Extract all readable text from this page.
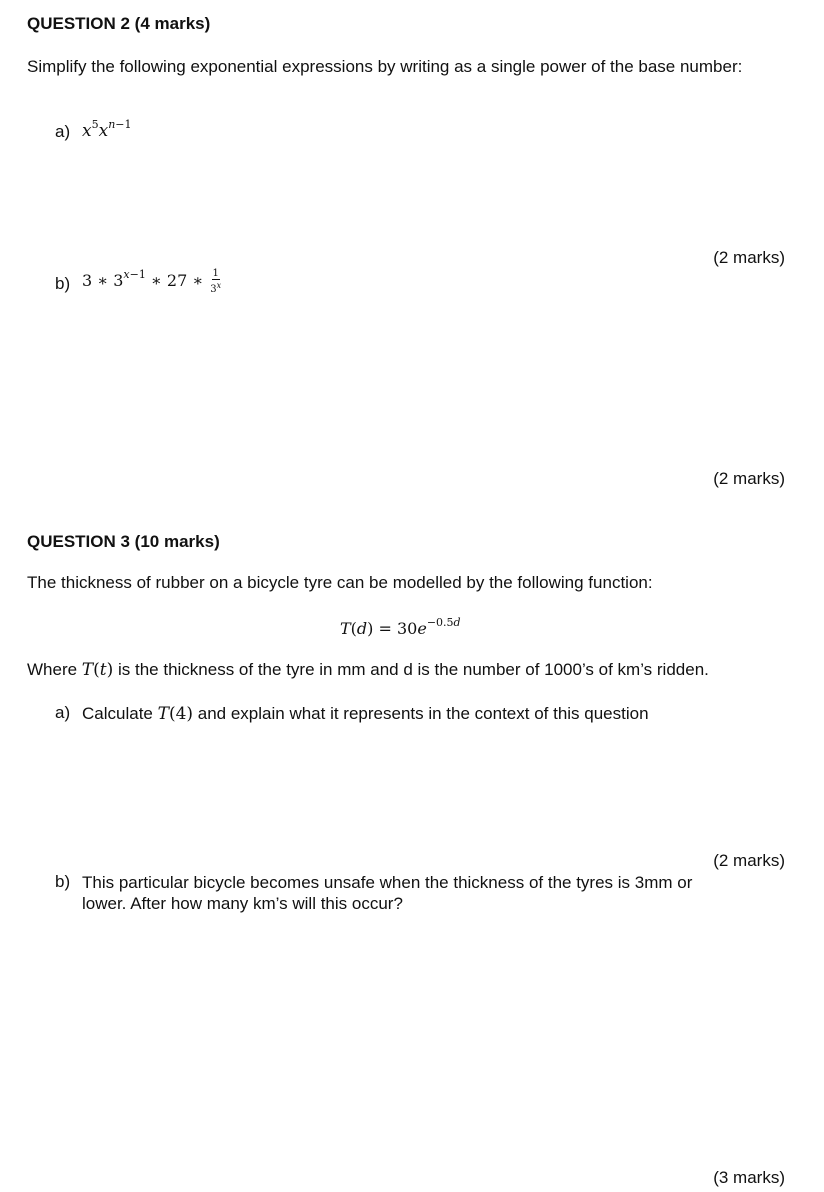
QUESTION 2 (4 marks)
Simplify the following exponential expressions by writing as a single power of the base number:
a) $x^5x^{n-1}$
(2 marks)
b) 3 ∗ $3^{x-1}$ ∗ 27 ∗ $\frac{1}{3^x}$
(2 marks)
QUESTION 3 (10 marks)
The thickness of rubber on a bicycle tyre can be modelled by the following function:
$T(d) = 30e^{-0.5d}$
Where T(t) is the thickness of the tyre in mm and d is the number of 1000’s of km’s ridden.
a) Calculate T(4) and explain what it represents in the context of this question
(2 marks)
b) This particular bicycle becomes unsafe when the thickness of the tyres is 3mm or
lower. After how many km’s will this occur?
(3 marks)
